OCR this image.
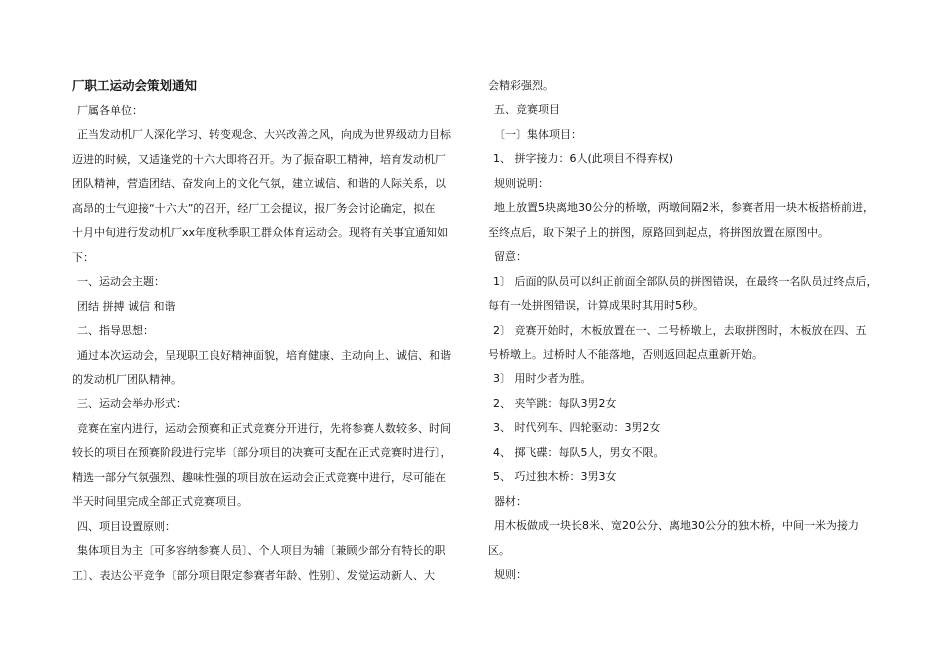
厂职工运动会策划通知
厂属各单位：
正当发动机厂人深化学习、转变观念、大兴改善之风，向成为世界级动力目标
迈进的时候，又适逢党的十六大即将召开。为了振奋职工精神，培育发动机厂
团队精神，营造团结、奋发向上的文化气氛，建立诚信、和谐的人际关系，以
高昂的士气迎接“十六大”的召开，经厂工会提议，报厂务会讨论确定，拟在
十月中旬进行发动机厂xx年度秋季职工群众体育运动会。现将有关事宜通知如
下：
一、运动会主题：
团结 拼搏 诚信 和谐
二、指导思想：
通过本次运动会，呈现职工良好精神面貌，培育健康、主动向上、诚信、和谐
的发动机厂团队精神。
三、运动会举办形式：
竞赛在室内进行，运动会预赛和正式竞赛分开进行，先将参赛人数较多、时间
较长的项目在预赛阶段进行完毕〔部分项目的决赛可支配在正式竞赛时进行〕，
精选一部分气氛强烈、趣味性强的项目放在运动会正式竞赛中进行，尽可能在
半天时间里完成全部正式竞赛项目。
四、项目设置原则：
集体项目为主〔可多容纳参赛人员〕、个人项目为辅〔兼顾少部分有特长的职
工〕、表达公平竞争〔部分项目限定参赛者年龄、性别〕、发觉运动新人、大
会精彩强烈。
五、竞赛项目
〔一〕集体项目：
1、 拼字接力：6人(此项目不得弃权)
规则说明：
地上放置5块离地30公分的桥墩，两墩间隔2米，参赛者用一块木板搭桥前进，
至终点后，取下架子上的拼图，原路回到起点，将拼图放置在原图中。
留意：
1〕 后面的队员可以纠正前面全部队员的拼图错误，在最终一名队员过终点后，
每有一处拼图错误，计算成果时其用时5秒。
2〕 竞赛开始时，木板放置在一、二号桥墩上，去取拼图时，木板放在四、五
号桥墩上。过桥时人不能落地，否则返回起点重新开始。
3〕 用时少者为胜。
2、 夹竿跳：每队3男2女
3、 时代列车、四轮驱动：3男2女
4、 掷飞碟：每队5人，男女不限。
5、 巧过独木桥：3男3女
器材：
用木板做成一块长8米、宽20公分、离地30公分的独木桥，中间一米为接力
区。
规则：
